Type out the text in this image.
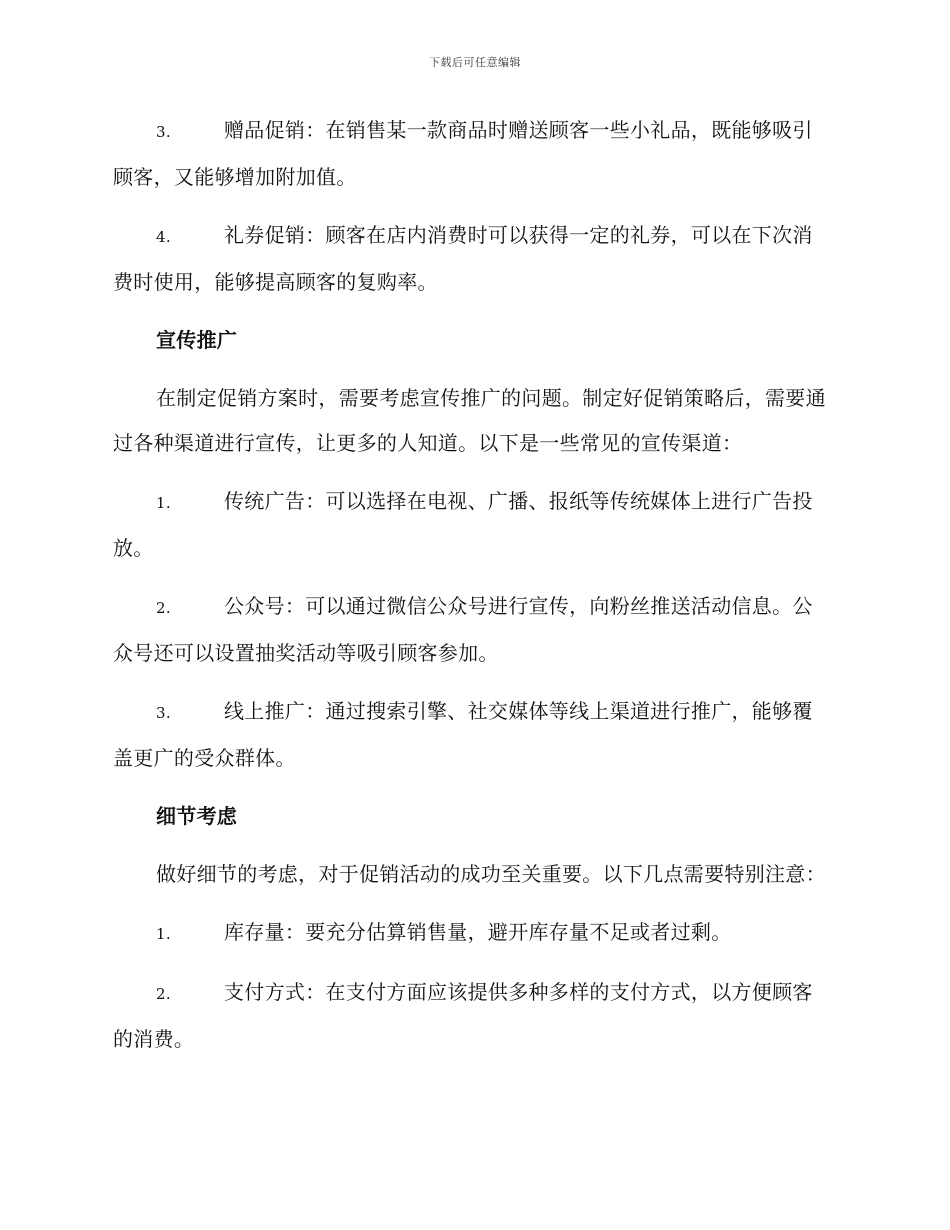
下载后可任意编辑

3.	赠品促销：在销售某一款商品时赠送顾客一些小礼品，既能够吸引顾客，又能够增加附加值。

4.	礼券促销：顾客在店内消费时可以获得一定的礼券，可以在下次消费时使用，能够提高顾客的复购率。

宣传推广

在制定促销方案时，需要考虑宣传推广的问题。制定好促销策略后，需要通过各种渠道进行宣传，让更多的人知道。以下是一些常见的宣传渠道：

1.	传统广告：可以选择在电视、广播、报纸等传统媒体上进行广告投放。

2.	公众号：可以通过微信公众号进行宣传，向粉丝推送活动信息。公众号还可以设置抽奖活动等吸引顾客参加。

3.	线上推广：通过搜索引擎、社交媒体等线上渠道进行推广，能够覆盖更广的受众群体。

细节考虑

做好细节的考虑，对于促销活动的成功至关重要。以下几点需要特别注意：

1.	库存量：要充分估算销售量，避开库存量不足或者过剩。

2.	支付方式：在支付方面应该提供多种多样的支付方式，以方便顾客的消费。
